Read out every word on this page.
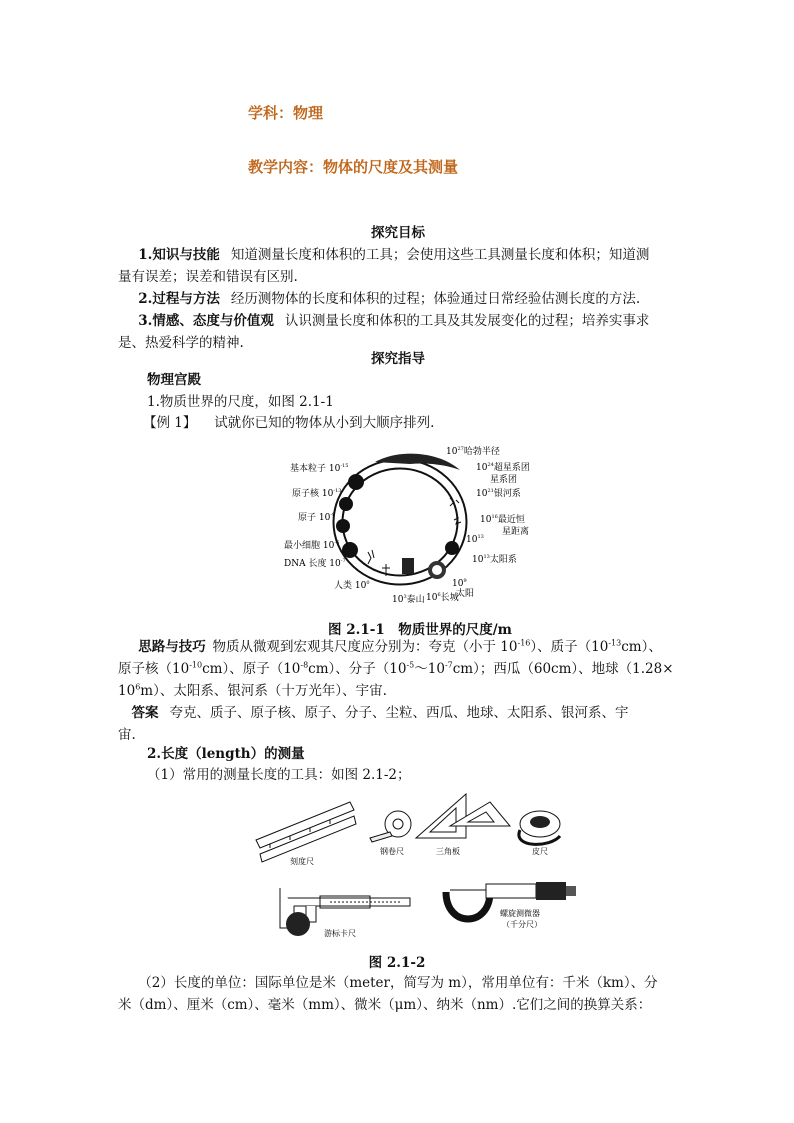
学科：物理
教学内容：物体的尺度及其测量
探究目标
  1.知识与技能  知道测量长度和体积的工具；会使用这些工具测量长度和体积；知道测
量有误差；误差和错误有区别.
  2.过程与方法  经历测物体的长度和体积的过程；体验通过日常经验估测长度的方法.
  3.情感、态度与价值观  认识测量长度和体积的工具及其发展变化的过程；培养实事求
是、热爱科学的精神.
探究指导
物理宫殿
1.物质世界的尺度，如图 2.1-1
【例 1】  试就你已知的物体从小到大顺序排列.
基本粒子 $10^{-15}$
原子核 $10^{-13}$
原子 $10^{-9}$
最小细胞 $10^{-6}$
DNA 长度 $10^{-7}$
人类 $10^0$
$10^{27}$哈勃半径
$10^{24}$超星系团
星系团
$10^{21}$银河系
$10^{16}$最近恒
星距离
$10^{13}$
$10^{13}$太阳系
$10^9$
太阳
$10^3$泰山 $10^6$长城
图 2.1-1　物质世界的尺度/m
  思路与技巧  物质从微观到宏观其尺度应分别为：夸克（小于 $10^{-16}$）、质子$(10^{-13}cm)$、
原子核$(10^{-10}cm)$、原子$(10^{-8}cm)$、分子$(10^{-5}\sim 10^{-7}cm)$；西瓜（60cm）、地球（1.28×
$10^6m$）、太阳系、银河系（十万光年）、宇宙.
 答案  夸克、质子、原子核、原子、分子、尘粒、西瓜、地球、太阳系、银河系、宇
宙.
2.长度（length）的测量
（1）常用的测量长度的工具：如图 2.1-2；
刻度尺
钢卷尺	三角板	皮尺
游标卡尺
螺旋测微器
（千分尺）
图 2.1-2
  （2）长度的单位：国际单位是米（meter，简写为 m），常用单位有：千米（km）、分
米（dm）、厘米（cm）、毫米（mm）、微米（μm）、纳米（nm）.它们之间的换算关系：
